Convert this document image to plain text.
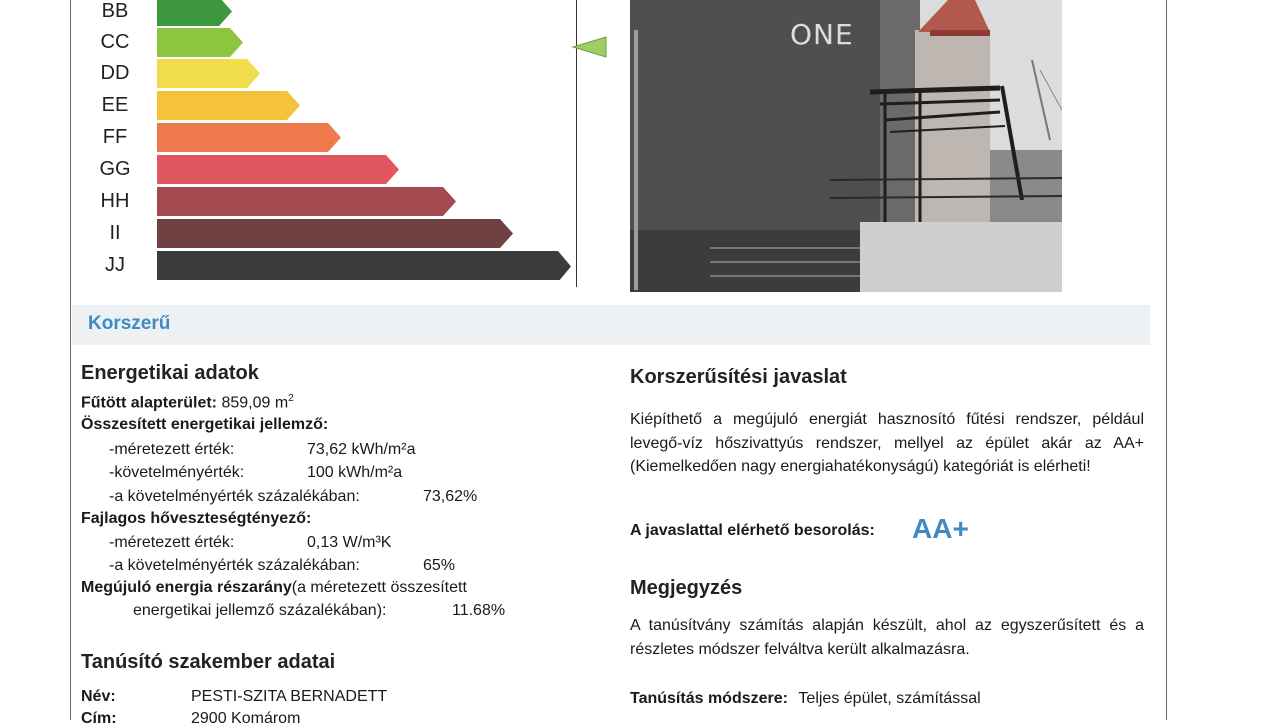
BB
CC
DD
EE
FF
GG
HH
II
JJ
ONE
Korszerű
Energetikai adatok
Fűtött alapterület: 859,09 $m^2$
Összesített energetikai jellemző:
-méretezett érték:	73,62 kWh/m²a
-követelményérték:	100 kWh/m²a
-a követelményérték százalékában:	73,62%
Fajlagos hőveszteségtényező:
-méretezett érték:	0,13 W/m³K
-a követelményérték százalékában:	65%
Megújuló energia részarány(a méretezett összesített
energetikai jellemző százalékában):	11.68%
Tanúsító szakember adatai
Név:	PESTI-SZITA BERNADETT
Cím:	2900 Komárom
Korszerűsítési javaslat
Kiépíthető a megújuló energiát hasznosító fűtési rendszer, például levegő-víz hőszivattyús rendszer, mellyel az épület akár az AA+ (Kiemelkedően nagy energiahatékonyságú) kategóriát is elérheti!
A javaslattal elérhető besorolás: AA+
Megjegyzés
A tanúsítvány számítás alapján készült, ahol az egyszerűsített és a részletes módszer felváltva került alkalmazásra.
Tanúsítás módszere: Teljes épület, számítással
